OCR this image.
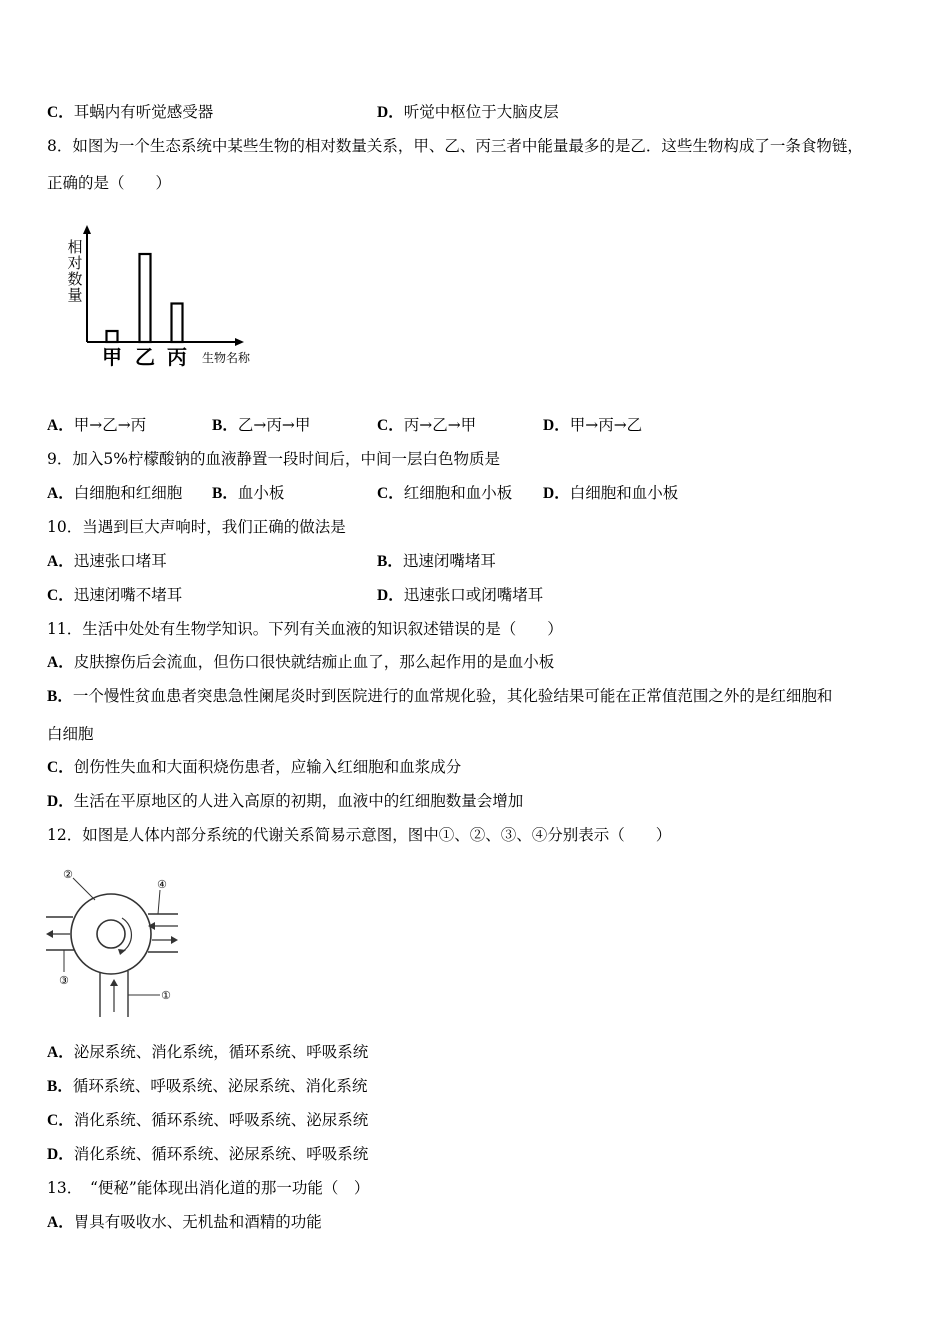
C．耳蜗内有听觉感受器	D．听觉中枢位于大脑皮层
8．如图为一个生态系统中某些生物的相对数量关系，甲、乙、丙三者中能量最多的是乙．这些生物构成了一条食物链，
正确的是（　　）
相对数量
甲 乙 丙 生物名称
A．甲→乙→丙	B．乙→丙→甲	C．丙→乙→甲	D．甲→丙→乙
9．加入5%柠檬酸钠的血液静置一段时间后，中间一层白色物质是
A．白细胞和红细胞 B．血小板	C．红细胞和血小板 D．白细胞和血小板
10．当遇到巨大声响时，我们正确的做法是
A．迅速张口堵耳	B．迅速闭嘴堵耳
C．迅速闭嘴不堵耳	D．迅速张口或闭嘴堵耳
11．生活中处处有生物学知识。下列有关血液的知识叙述错误的是（　　）
A．皮肤擦伤后会流血，但伤口很快就结痂止血了，那么起作用的是血小板
B．一个慢性贫血患者突患急性阑尾炎时到医院进行的血常规化验，其化验结果可能在正常值范围之外的是红细胞和
白细胞
C．创伤性失血和大面积烧伤患者，应输入红细胞和血浆成分
D．生活在平原地区的人进入高原的初期，血液中的红细胞数量会增加
12．如图是人体内部分系统的代谢关系简易示意图，图中①、②、③、④分别表示（　　）
②
④
③
①
A．泌尿系统、消化系统，循环系统、呼吸系统
B．循环系统、呼吸系统、泌尿系统、消化系统
C．消化系统、循环系统、呼吸系统、泌尿系统
D．消化系统、循环系统、泌尿系统、呼吸系统
13．　“便秘”能体现出消化道的那一功能（　）
A．胃具有吸收水、无机盐和酒精的功能
